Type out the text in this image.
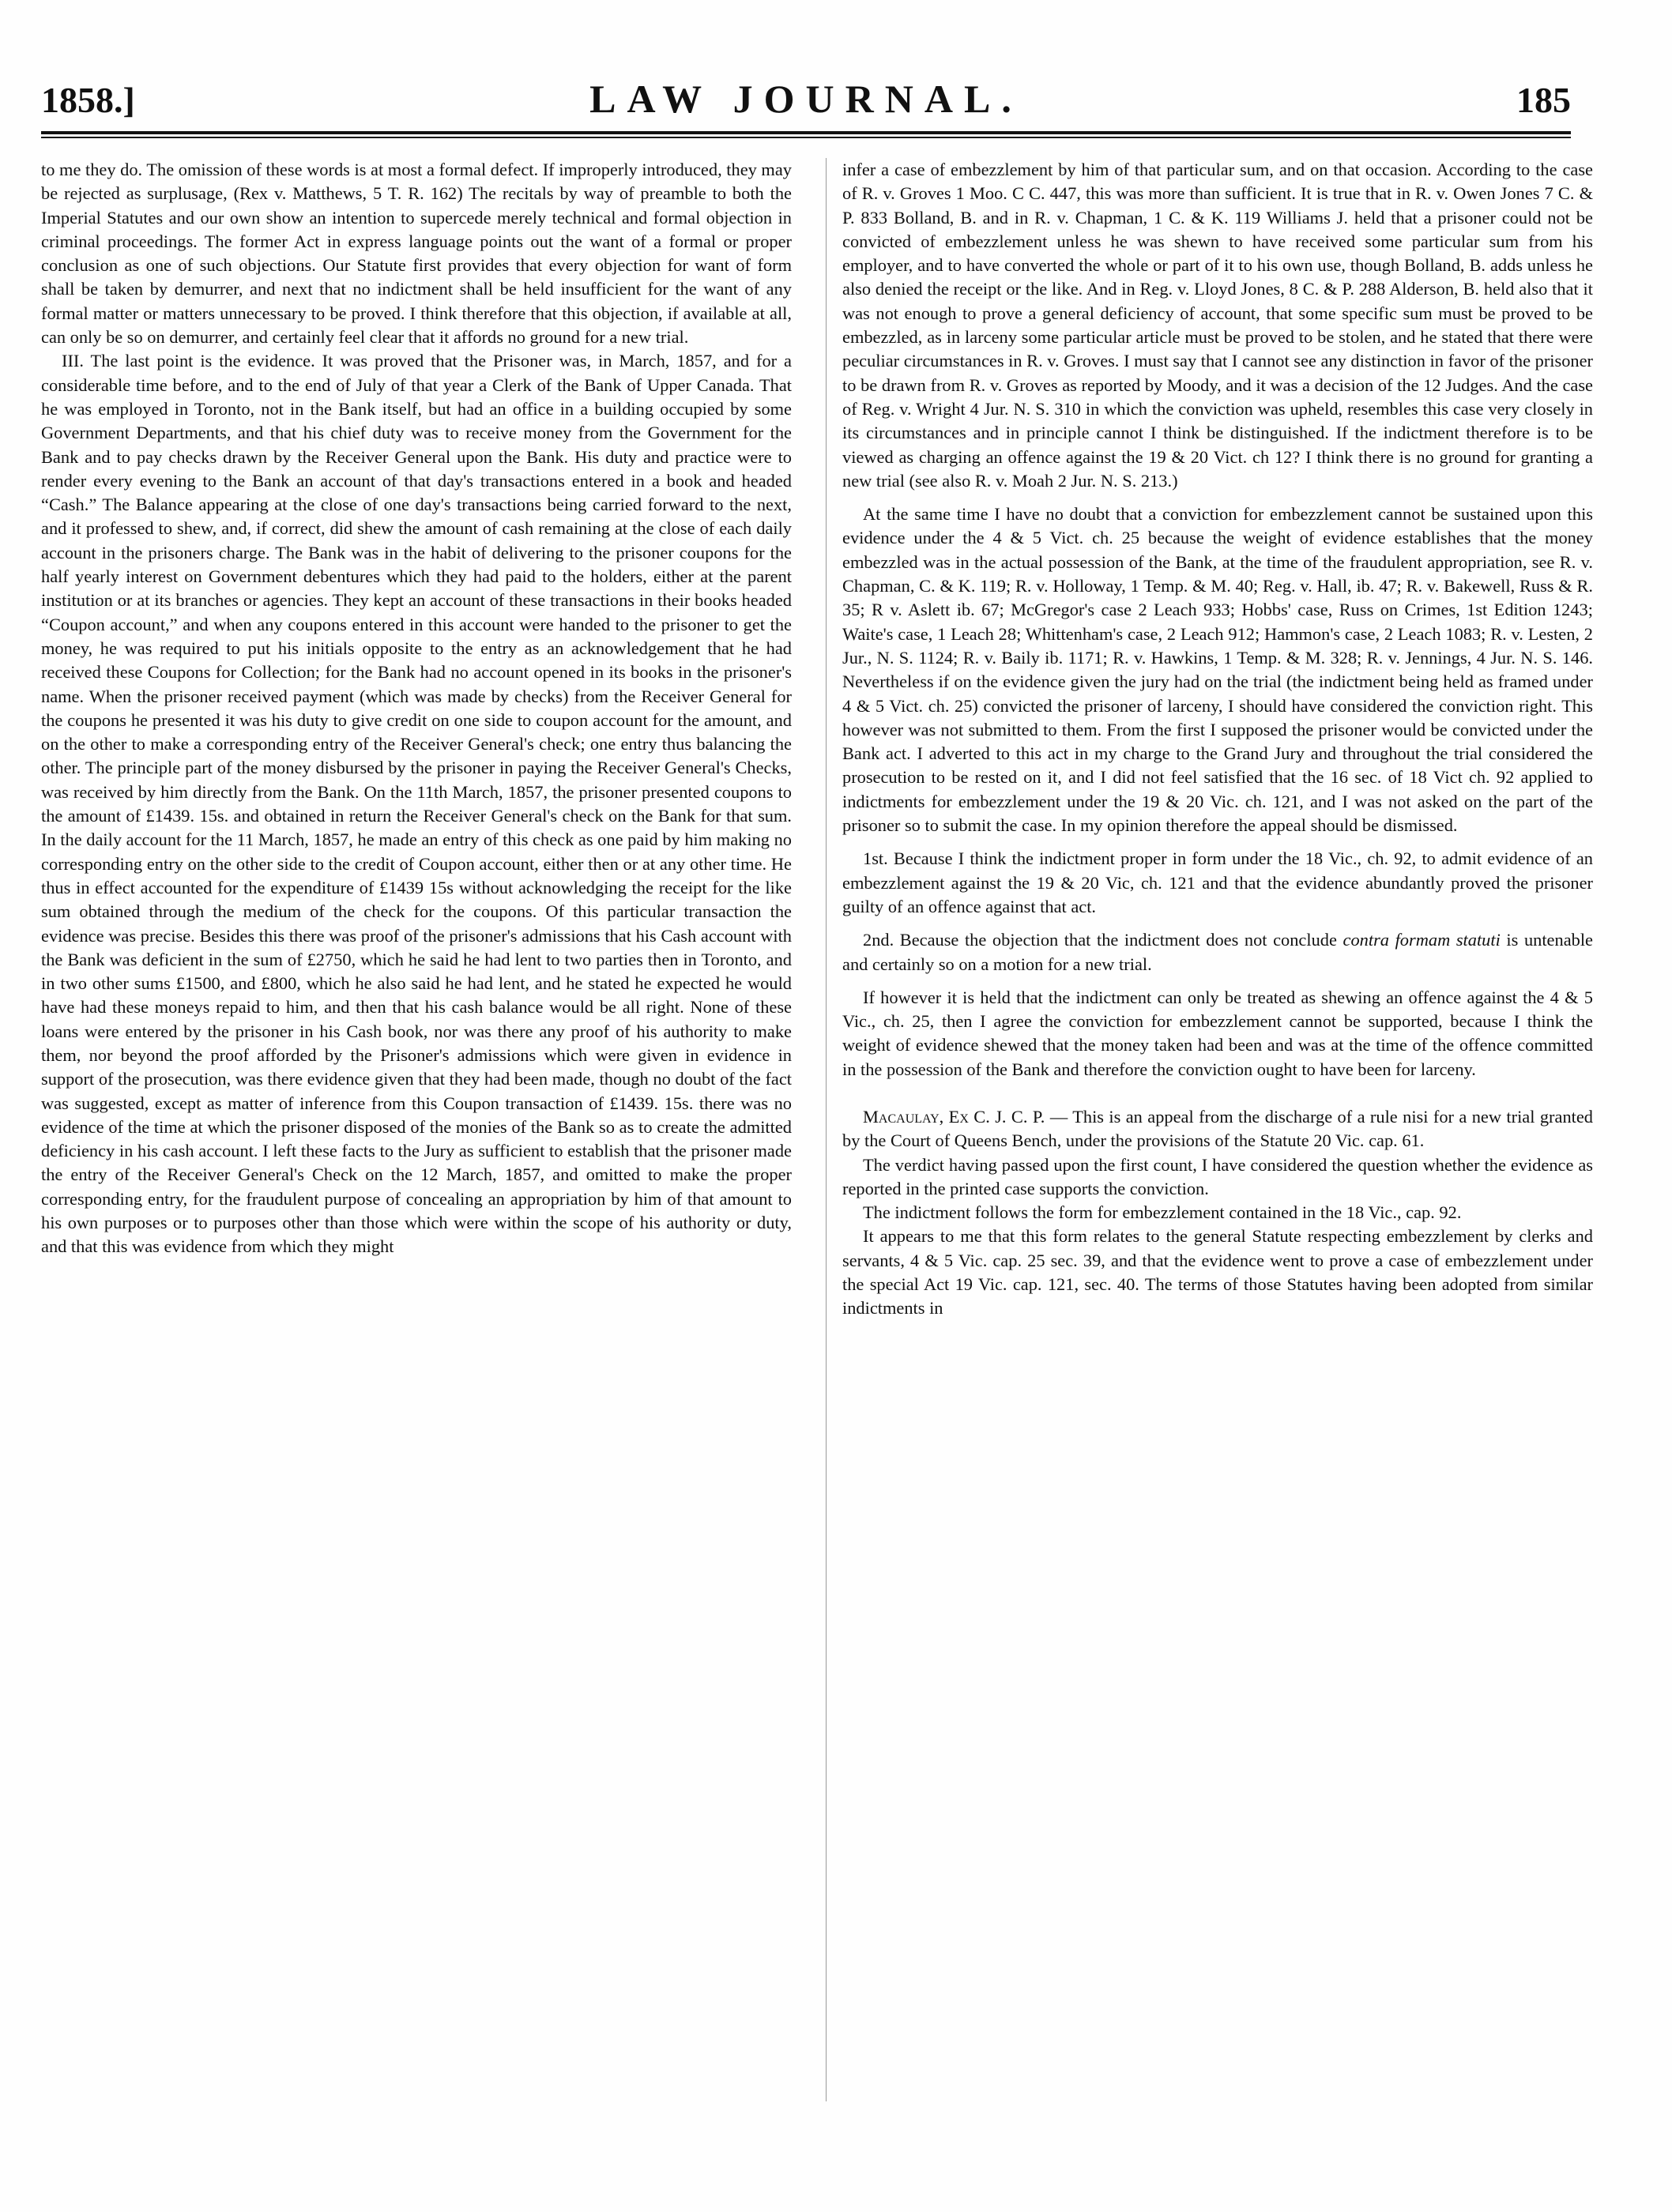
1858.]	LAW JOURNAL.	185

to me they do. The omission of these words is at most a formal defect. If improperly introduced, they may be rejected as surplusage, (Rex v. Matthews, 5 T. R. 162) The recitals by way of preamble to both the Imperial Statutes and our own show an intention to supercede merely technical and formal objection in criminal proceedings. The former Act in express language points out the want of a formal or proper conclusion as one of such objections. Our Statute first provides that every objection for want of form shall be taken by demurrer, and next that no indictment shall be held insufficient for the want of any formal matter or matters unnecessary to be proved. I think therefore that this objection, if available at all, can only be so on demurrer, and certainly feel clear that it affords no ground for a new trial.

III. The last point is the evidence. It was proved that the Prisoner was, in March, 1857, and for a considerable time before, and to the end of July of that year a Clerk of the Bank of Upper Canada. That he was employed in Toronto, not in the Bank itself, but had an office in a building occupied by some Government Departments, and that his chief duty was to receive money from the Government for the Bank and to pay checks drawn by the Receiver General upon the Bank. His duty and practice were to render every evening to the Bank an account of that day's transactions entered in a book and headed “Cash.” The Balance appearing at the close of one day's transactions being carried forward to the next, and it professed to shew, and, if correct, did shew the amount of cash remaining at the close of each daily account in the prisoners charge. The Bank was in the habit of delivering to the prisoner coupons for the half yearly interest on Government debentures which they had paid to the holders, either at the parent institution or at its branches or agencies. They kept an account of these transactions in their books headed “Coupon account,” and when any coupons entered in this account were handed to the prisoner to get the money, he was required to put his initials opposite to the entry as an acknowledgement that he had received these Coupons for Collection; for the Bank had no account opened in its books in the prisoner's name. When the prisoner received payment (which was made by checks) from the Receiver General for the coupons he presented it was his duty to give credit on one side to coupon account for the amount, and on the other to make a corresponding entry of the Receiver General's check; one entry thus balancing the other. The principle part of the money disbursed by the prisoner in paying the Receiver General's Checks, was received by him directly from the Bank. On the 11th March, 1857, the prisoner presented coupons to the amount of £1439. 15s. and obtained in return the Receiver General's check on the Bank for that sum. In the daily account for the 11 March, 1857, he made an entry of this check as one paid by him making no corresponding entry on the other side to the credit of Coupon account, either then or at any other time. He thus in effect accounted for the expenditure of £1439 15s without acknowledging the receipt for the like sum obtained through the medium of the check for the coupons. Of this particular transaction the evidence was precise. Besides this there was proof of the prisoner's admissions that his Cash account with the Bank was deficient in the sum of £2750, which he said he had lent to two parties then in Toronto, and in two other sums £1500, and £800, which he also said he had lent, and he stated he expected he would have had these moneys repaid to him, and then that his cash balance would be all right. None of these loans were entered by the prisoner in his Cash book, nor was there any proof of his authority to make them, nor beyond the proof afforded by the Prisoner's admissions which were given in evidence in support of the prosecution, was there evidence given that they had been made, though no doubt of the fact was suggested, except as matter of inference from this Coupon transaction of £1439. 15s. there was no evidence of the time at which the prisoner disposed of the monies of the Bank so as to create the admitted deficiency in his cash account. I left these facts to the Jury as sufficient to establish that the prisoner made the entry of the Receiver General's Check on the 12 March, 1857, and omitted to make the proper corresponding entry, for the fraudulent purpose of concealing an appropriation by him of that amount to his own purposes or to purposes other than those which were within the scope of his authority or duty, and that this was evidence from which they might

infer a case of embezzlement by him of that particular sum, and on that occasion. According to the case of R. v. Groves 1 Moo. C C. 447, this was more than sufficient. It is true that in R. v. Owen Jones 7 C. & P. 833 Bolland, B. and in R. v. Chapman, 1 C. & K. 119 Williams J. held that a prisoner could not be convicted of embezzlement unless he was shewn to have received some particular sum from his employer, and to have converted the whole or part of it to his own use, though Bolland, B. adds unless he also denied the receipt or the like. And in Reg. v. Lloyd Jones, 8 C. & P. 288 Alderson, B. held also that it was not enough to prove a general deficiency of account, that some specific sum must be proved to be embezzled, as in larceny some particular article must be proved to be stolen, and he stated that there were peculiar circumstances in R. v. Groves. I must say that I cannot see any distinction in favor of the prisoner to be drawn from R. v. Groves as reported by Moody, and it was a decision of the 12 Judges. And the case of Reg. v. Wright 4 Jur. N. S. 310 in which the conviction was upheld, resembles this case very closely in its circumstances and in principle cannot I think be distinguished. If the indictment therefore is to be viewed as charging an offence against the 19 & 20 Vict. ch 12? I think there is no ground for granting a new trial (see also R. v. Moah 2 Jur. N. S. 213.)

At the same time I have no doubt that a conviction for embezzlement cannot be sustained upon this evidence under the 4 & 5 Vict. ch. 25 because the weight of evidence establishes that the money embezzled was in the actual possession of the Bank, at the time of the fraudulent appropriation, see R. v. Chapman, C. & K. 119; R. v. Holloway, 1 Temp. & M. 40; Reg. v. Hall, ib. 47; R. v. Bakewell, Russ & R. 35; R v. Aslett ib. 67; McGregor's case 2 Leach 933; Hobbs' case, Russ on Crimes, 1st Edition 1243; Waite's case, 1 Leach 28; Whittenham's case, 2 Leach 912; Hammon's case, 2 Leach 1083; R. v. Lesten, 2 Jur., N. S. 1124; R. v. Baily ib. 1171; R. v. Hawkins, 1 Temp. & M. 328; R. v. Jennings, 4 Jur. N. S. 146. Nevertheless if on the evidence given the jury had on the trial (the indictment being held as framed under 4 & 5 Vict. ch. 25) convicted the prisoner of larceny, I should have considered the conviction right. This however was not submitted to them. From the first I supposed the prisoner would be convicted under the Bank act. I adverted to this act in my charge to the Grand Jury and throughout the trial considered the prosecution to be rested on it, and I did not feel satisfied that the 16 sec. of 18 Vict ch. 92 applied to indictments for embezzlement under the 19 & 20 Vic. ch. 121, and I was not asked on the part of the prisoner so to submit the case. In my opinion therefore the appeal should be dismissed.

1st. Because I think the indictment proper in form under the 18 Vic., ch. 92, to admit evidence of an embezzlement against the 19 & 20 Vic, ch. 121 and that the evidence abundantly proved the prisoner guilty of an offence against that act.

2nd. Because the objection that the indictment does not conclude contra formam statuti is untenable and certainly so on a motion for a new trial.

If however it is held that the indictment can only be treated as shewing an offence against the 4 & 5 Vic., ch. 25, then I agree the conviction for embezzlement cannot be supported, because I think the weight of evidence shewed that the money taken had been and was at the time of the offence committed in the possession of the Bank and therefore the conviction ought to have been for larceny.

Macaulay, Ex C. J. C. P. — This is an appeal from the discharge of a rule nisi for a new trial granted by the Court of Queens Bench, under the provisions of the Statute 20 Vic. cap. 61.

The verdict having passed upon the first count, I have considered the question whether the evidence as reported in the printed case supports the conviction.

The indictment follows the form for embezzlement contained in the 18 Vic., cap. 92.

It appears to me that this form relates to the general Statute respecting embezzlement by clerks and servants, 4 & 5 Vic. cap. 25 sec. 39, and that the evidence went to prove a case of embezzlement under the special Act 19 Vic. cap. 121, sec. 40. The terms of those Statutes having been adopted from similar indictments in
